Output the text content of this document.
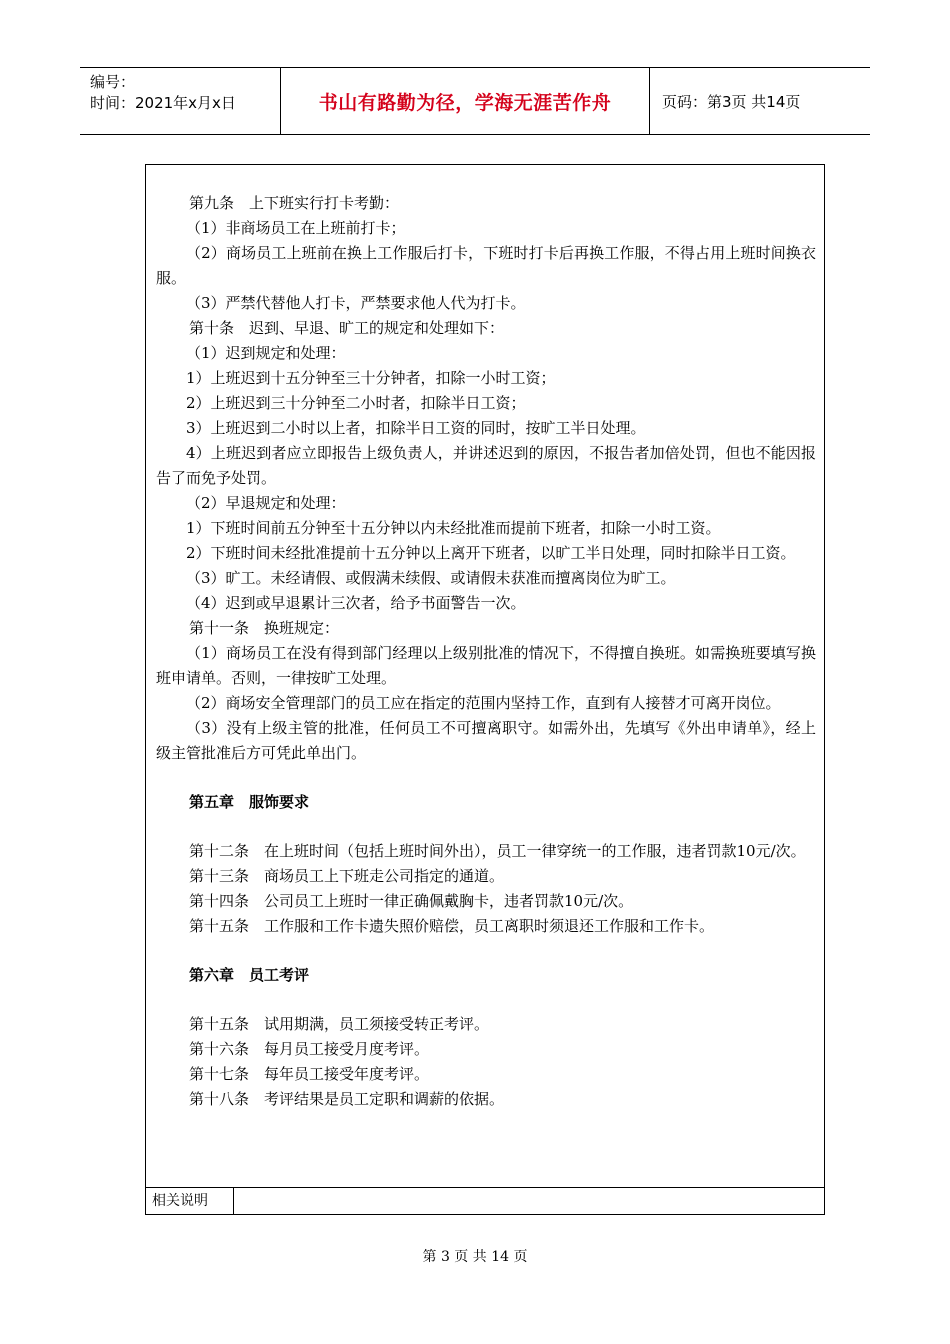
编号：
时间：2021年x月x日	书山有路勤为径，学海无涯苦作舟	页码：第3页 共14页

第九条　上下班实行打卡考勤：

（1）非商场员工在上班前打卡；

（2）商场员工上班前在换上工作服后打卡，下班时打卡后再换工作服，不得占用上班时间换衣服。

（3）严禁代替他人打卡，严禁要求他人代为打卡。

第十条　迟到、早退、旷工的规定和处理如下：

（1）迟到规定和处理：

1）上班迟到十五分钟至三十分钟者，扣除一小时工资；

2）上班迟到三十分钟至二小时者，扣除半日工资；

3）上班迟到二小时以上者，扣除半日工资的同时，按旷工半日处理。

4）上班迟到者应立即报告上级负责人，并讲述迟到的原因，不报告者加倍处罚，但也不能因报告了而免予处罚。

（2）早退规定和处理：

1）下班时间前五分钟至十五分钟以内未经批准而提前下班者，扣除一小时工资。

2）下班时间未经批准提前十五分钟以上离开下班者，以旷工半日处理，同时扣除半日工资。

（3）旷工。未经请假、或假满未续假、或请假未获准而擅离岗位为旷工。

（4）迟到或早退累计三次者，给予书面警告一次。

第十一条　换班规定：

（1）商场员工在没有得到部门经理以上级别批准的情况下，不得擅自换班。如需换班要填写换班申请单。否则，一律按旷工处理。

（2）商场安全管理部门的员工应在指定的范围内坚持工作，直到有人接替才可离开岗位。

（3）没有上级主管的批准，任何员工不可擅离职守。如需外出，先填写《外出申请单》，经上级主管批准后方可凭此单出门。

第五章　服饰要求

第十二条　在上班时间（包括上班时间外出），员工一律穿统一的工作服，违者罚款10元/次。

第十三条　商场员工上下班走公司指定的通道。

第十四条　公司员工上班时一律正确佩戴胸卡，违者罚款10元/次。

第十五条　工作服和工作卡遗失照价赔偿，员工离职时须退还工作服和工作卡。

第六章　员工考评

第十五条　试用期满，员工须接受转正考评。

第十六条　每月员工接受月度考评。

第十七条　每年员工接受年度考评。

第十八条　考评结果是员工定职和调薪的依据。

相关说明
第 3 页 共 14 页
